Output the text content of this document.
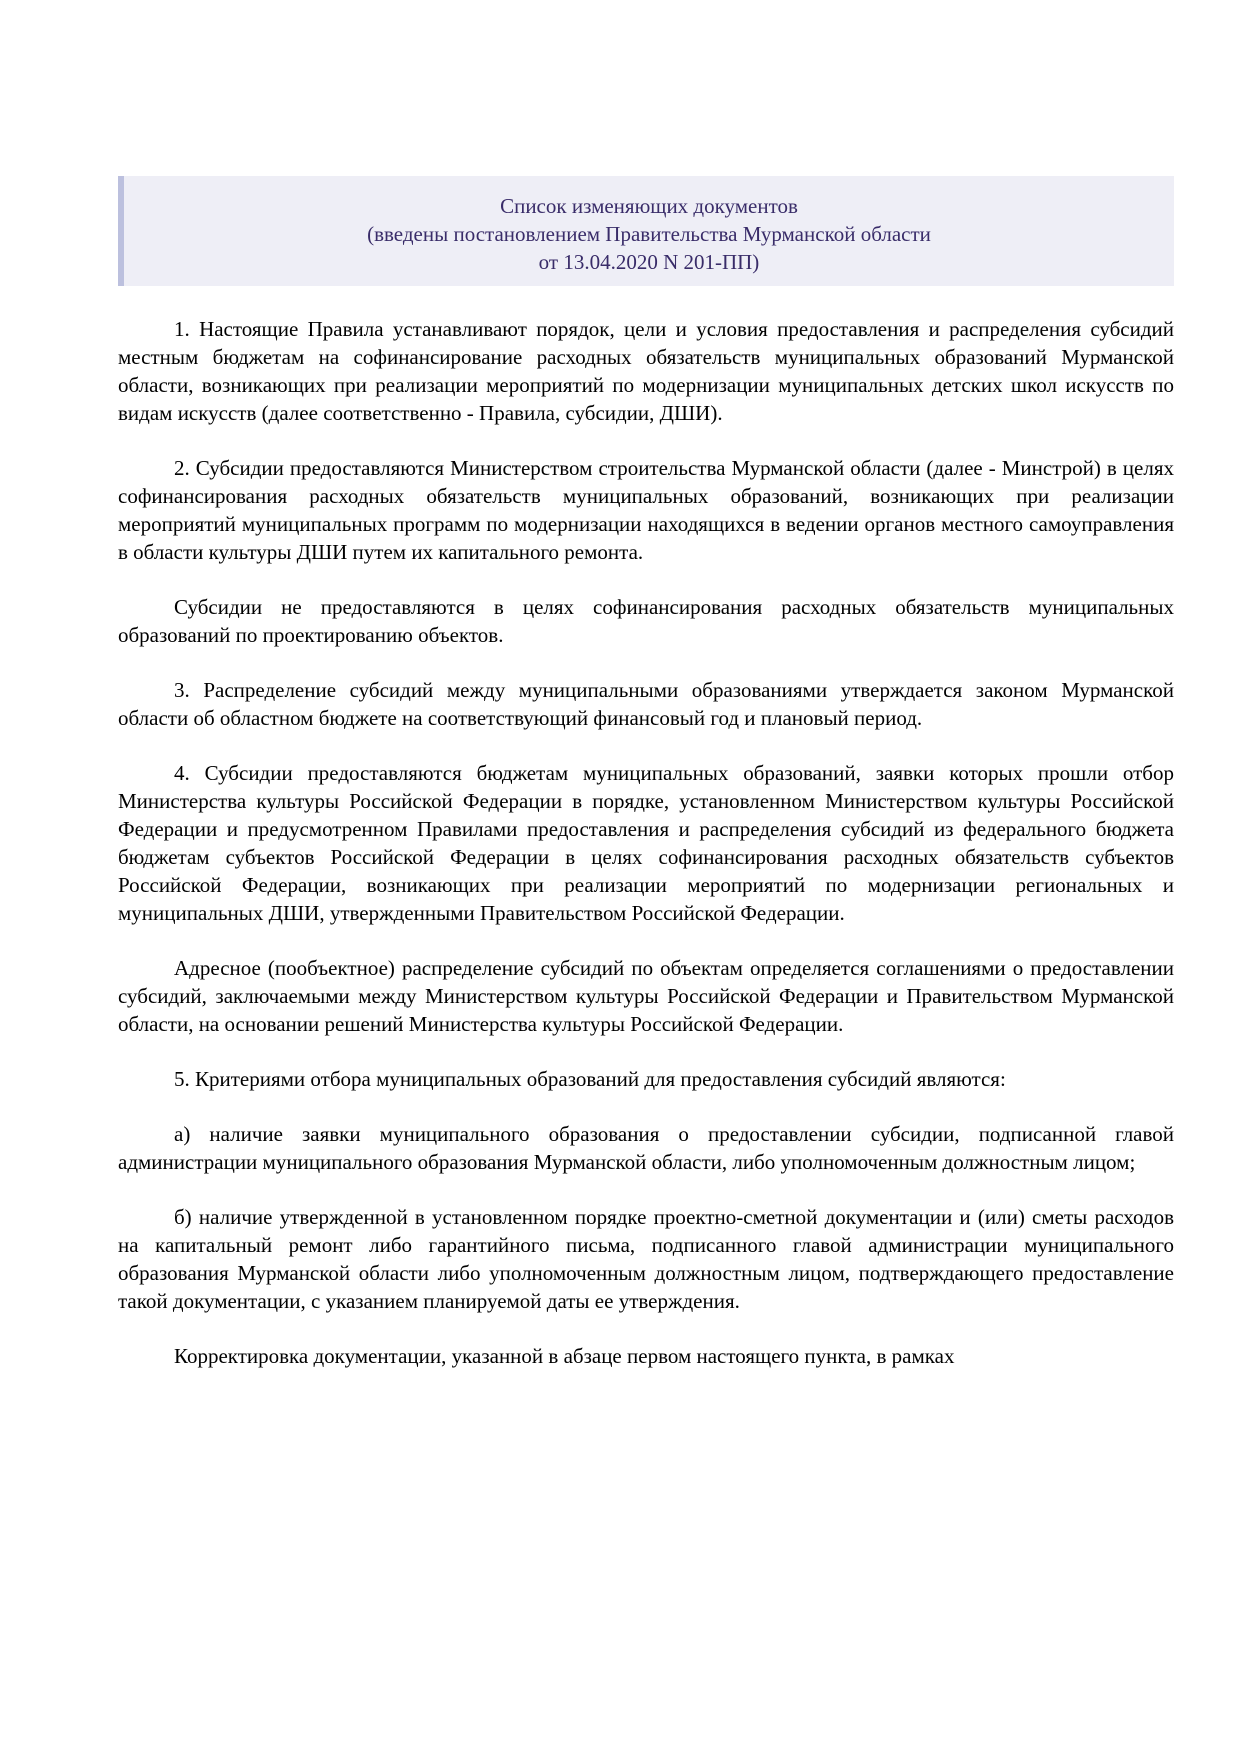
Список изменяющих документов
(введены постановлением Правительства Мурманской области
от 13.04.2020 N 201-ПП)

1. Настоящие Правила устанавливают порядок, цели и условия предоставления и распределения субсидий местным бюджетам на софинансирование расходных обязательств муниципальных образований Мурманской области, возникающих при реализации мероприятий по модернизации муниципальных детских школ искусств по видам искусств (далее соответственно - Правила, субсидии, ДШИ).

2. Субсидии предоставляются Министерством строительства Мурманской области (далее - Минстрой) в целях софинансирования расходных обязательств муниципальных образований, возникающих при реализации мероприятий муниципальных программ по модернизации находящихся в ведении органов местного самоуправления в области культуры ДШИ путем их капитального ремонта.

Субсидии не предоставляются в целях софинансирования расходных обязательств муниципальных образований по проектированию объектов.

3. Распределение субсидий между муниципальными образованиями утверждается законом Мурманской области об областном бюджете на соответствующий финансовый год и плановый период.

4. Субсидии предоставляются бюджетам муниципальных образований, заявки которых прошли отбор Министерства культуры Российской Федерации в порядке, установленном Министерством культуры Российской Федерации и предусмотренном Правилами предоставления и распределения субсидий из федерального бюджета бюджетам субъектов Российской Федерации в целях софинансирования расходных обязательств субъектов Российской Федерации, возникающих при реализации мероприятий по модернизации региональных и муниципальных ДШИ, утвержденными Правительством Российской Федерации.

Адресное (пообъектное) распределение субсидий по объектам определяется соглашениями о предоставлении субсидий, заключаемыми между Министерством культуры Российской Федерации и Правительством Мурманской области, на основании решений Министерства культуры Российской Федерации.

5. Критериями отбора муниципальных образований для предоставления субсидий являются:

а) наличие заявки муниципального образования о предоставлении субсидии, подписанной главой администрации муниципального образования Мурманской области, либо уполномоченным должностным лицом;

б) наличие утвержденной в установленном порядке проектно-сметной документации и (или) сметы расходов на капитальный ремонт либо гарантийного письма, подписанного главой администрации муниципального образования Мурманской области либо уполномоченным должностным лицом, подтверждающего предоставление такой документации, с указанием планируемой даты ее утверждения.

Корректировка документации, указанной в абзаце первом настоящего пункта, в рамках
